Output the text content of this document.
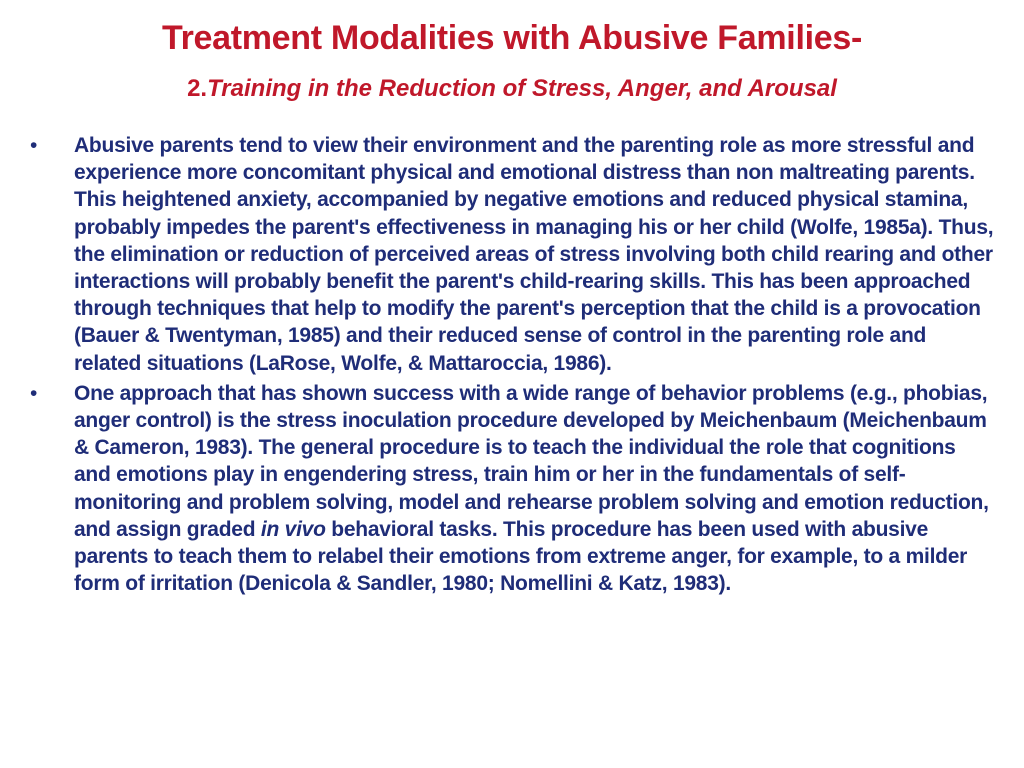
Treatment Modalities with Abusive Families-
2.Training in the Reduction of Stress, Anger, and Arousal
•	Abusive parents tend to view their environment and the parenting role as more stressful and experience more concomitant physical and emotional distress than non maltreating parents. This heightened anxiety, accompanied by negative emotions and reduced physical stamina, probably impedes the parent's effectiveness in managing his or her child (Wolfe, 1985a). Thus, the elimination or reduction of perceived areas of stress involving both child rearing and other interactions will probably benefit the parent's child-rearing skills. This has been approached through techniques that help to modify the parent's perception that the child is a provocation (Bauer & Twentyman, 1985) and their reduced sense of control in the parenting role and related situations (LaRose, Wolfe, & Mattaroccia, 1986).
•	One approach that has shown success with a wide range of behavior problems (e.g., phobias, anger control) is the stress inoculation procedure developed by Meichenbaum (Meichenbaum & Cameron, 1983). The general procedure is to teach the individual the role that cognitions and emotions play in engendering stress, train him or her in the fundamentals of self-monitoring and problem solving, model and rehearse problem solving and emotion reduction, and assign graded in vivo behavioral tasks. This procedure has been used with abusive parents to teach them to relabel their emotions from extreme anger, for example, to a milder form of irritation (Denicola & Sandler, 1980; Nomellini & Katz, 1983).
